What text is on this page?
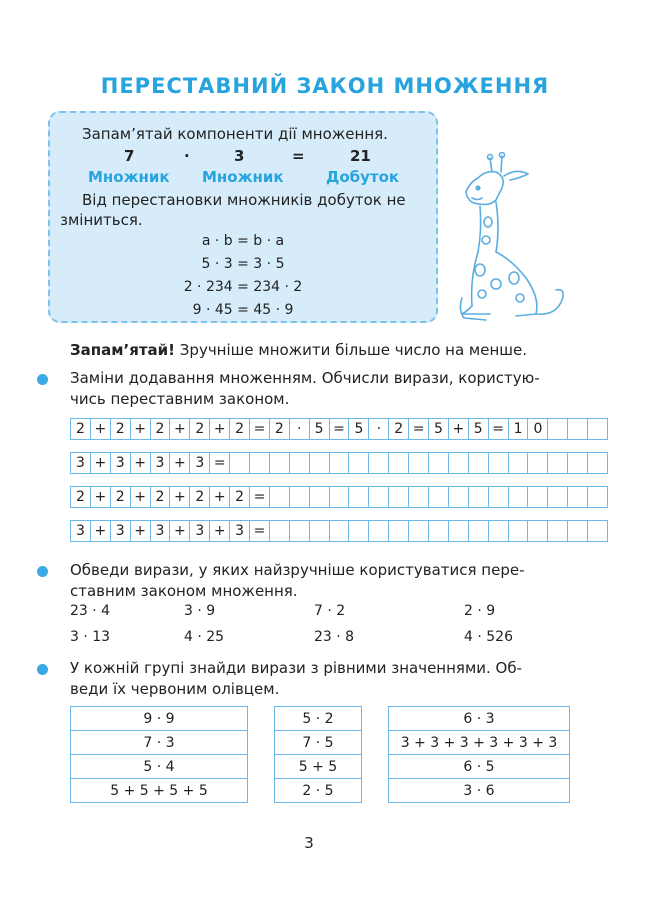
ПЕРЕСТАВНИЙ ЗАКОН МНОЖЕННЯ
Запам’ятай компоненти дії множення.
7	·	3	=	21
Множник Множник	Добуток
Від перестановки множників добуток не
зміниться.
a · b = b · a
5 · 3 = 3 · 5
2 · 234 = 234 · 2
9 · 45 = 45 · 9
Запам’ятай! Зручніше множити більше число на менше.
Заміни додавання множенням. Обчисли вирази, користую-
чись переставним законом.
2 + 2 + 2 + 2 + 2 = 2 · 5 = 5 · 2 = 5 + 5 = 1 0
3 + 3 + 3 + 3 =
2 + 2 + 2 + 2 + 2 =
3 + 3 + 3 + 3 + 3 =
Обведи вирази, у яких найзручніше користуватися пере-
ставним законом множення.
23 · 4	3 · 9	7 · 2	2 · 9
3 · 13	4 · 25	23 · 8	4 · 526
У кожній групі знайди вирази з рівними значеннями. Об-
веди їх червоним олівцем.
9 · 9
7 · 3
5 · 4
5 + 5 + 5 + 5
5 · 2
7 · 5
5 + 5
2 · 5
6 · 3
3 + 3 + 3 + 3 + 3 + 3
6 · 5
3 · 6
3
